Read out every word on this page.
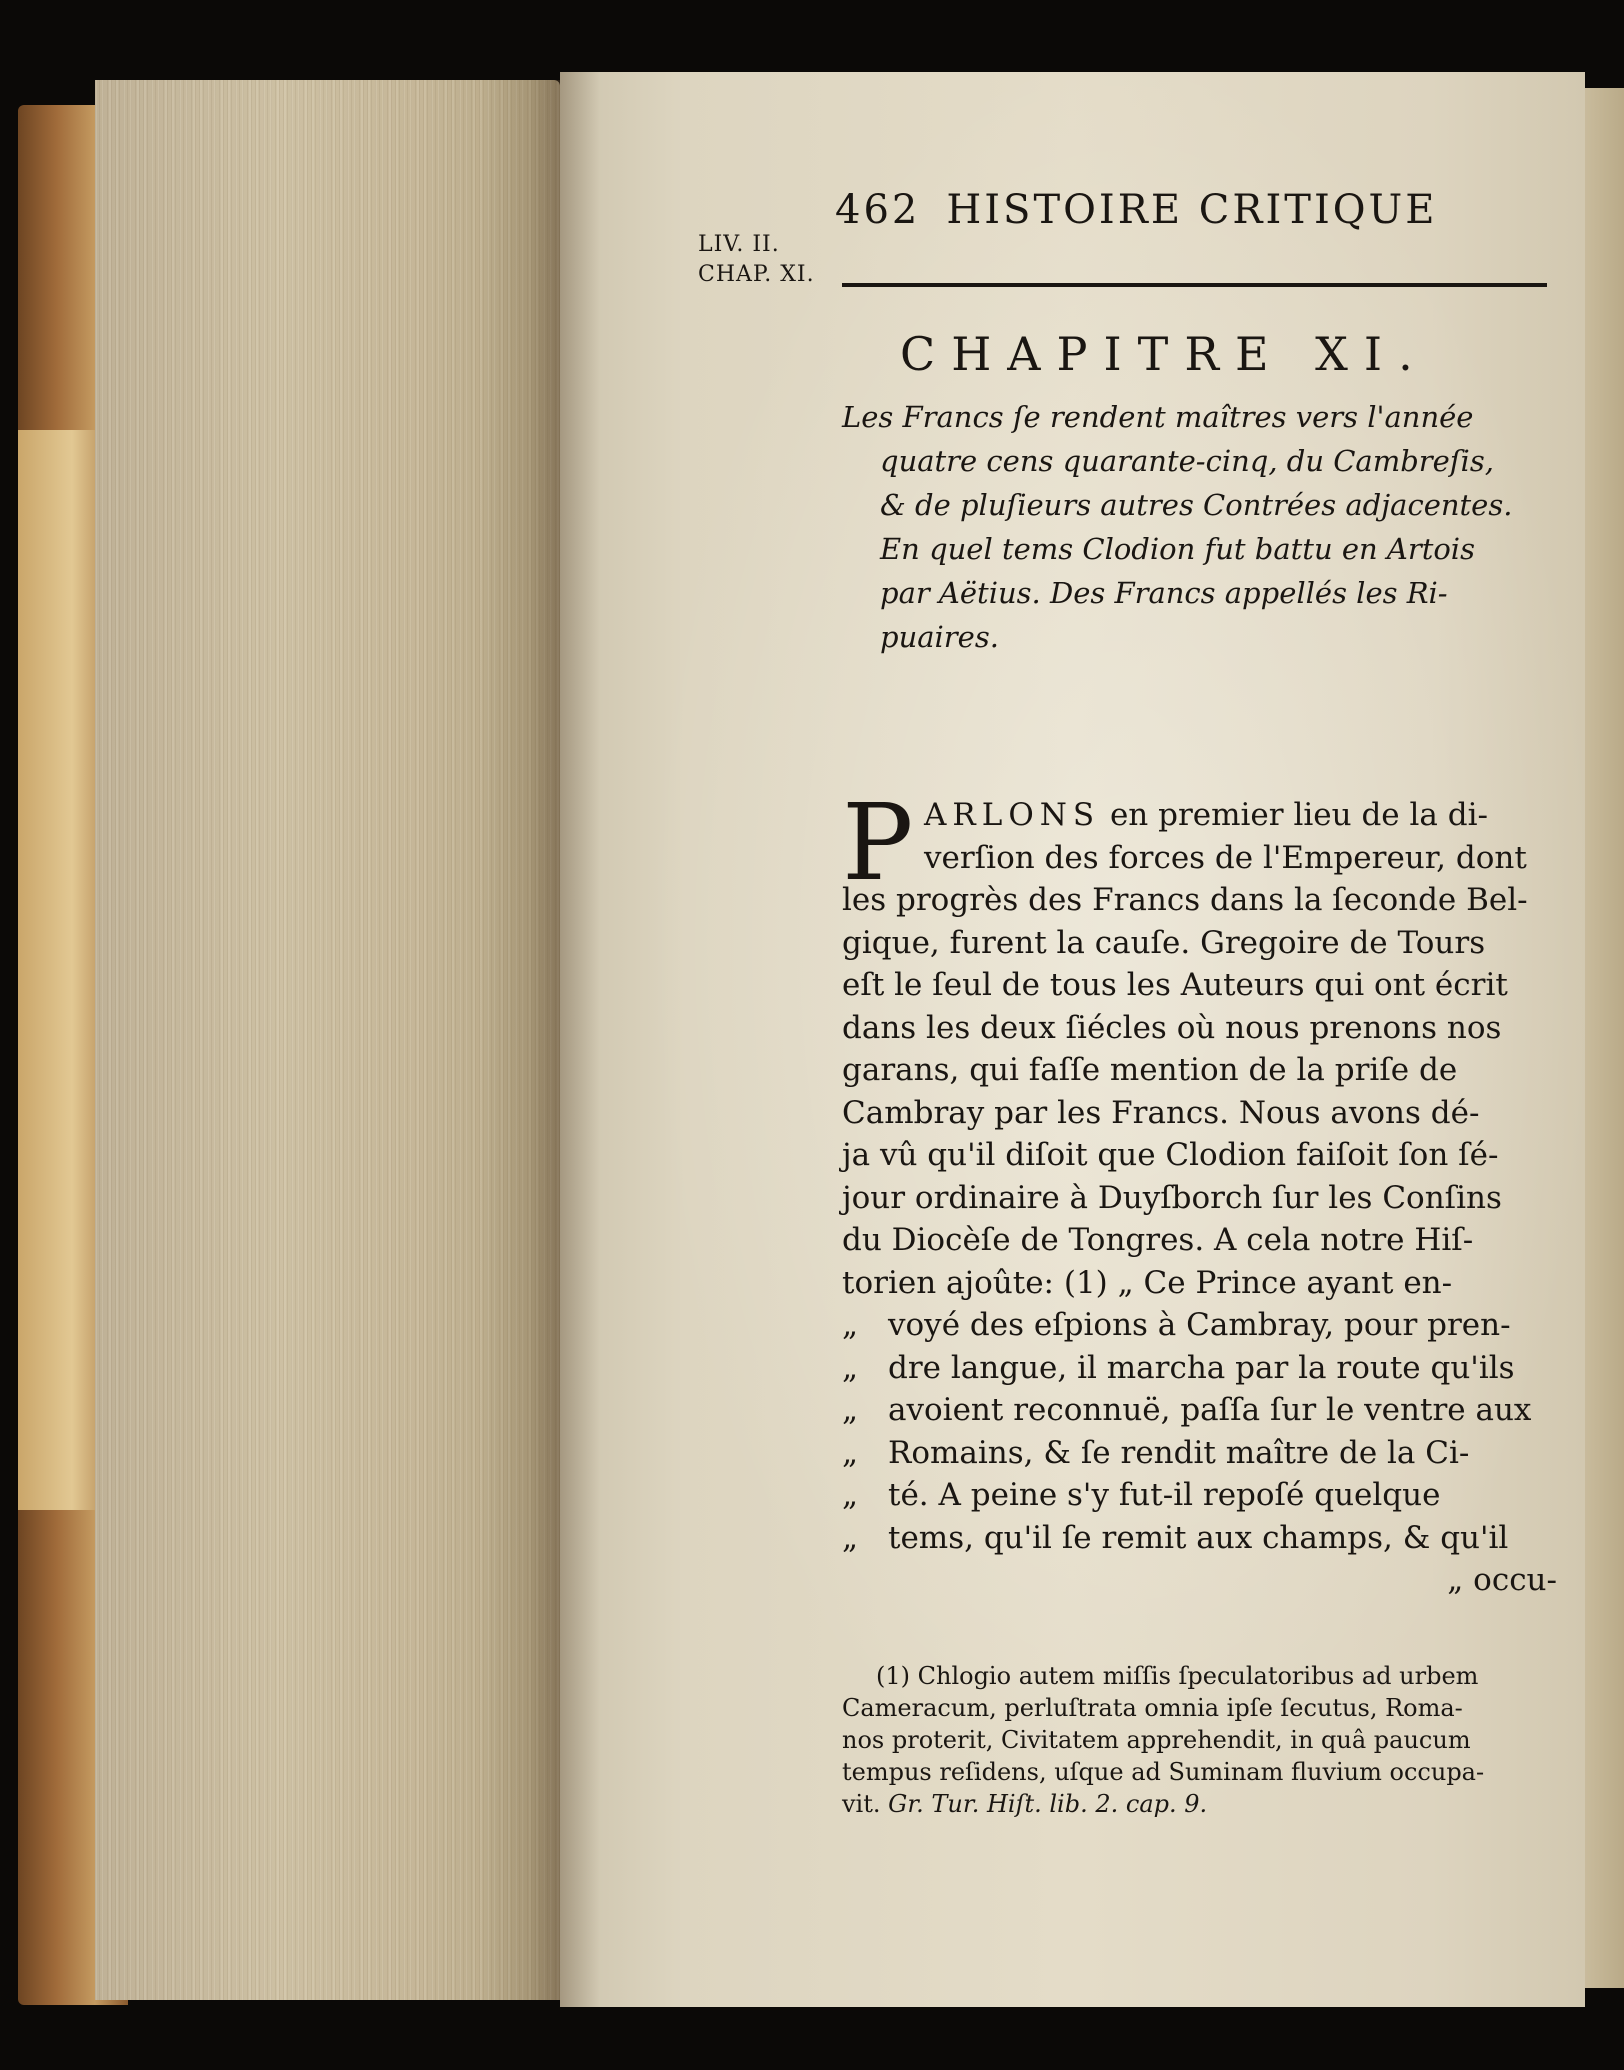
462 HISTOIRE CRITIQUE
LIV. II.
CHAP. XI.
CHAPITRE XI.
Les Francs ſe rendent maîtres vers l'année
quatre cens quarante-cinq, du Cambreſis,
& de pluſieurs autres Contrées adjacentes.
En quel tems Clodion fut battu en Artois
par Aëtius. Des Francs appellés les Ri-
puaires.
P ARLONS en premier lieu de la di-
verſion des forces de l'Empereur, dont
les progrès des Francs dans la ſeconde Bel-
gique, furent la cauſe. Gregoire de Tours
eſt le ſeul de tous les Auteurs qui ont écrit
dans les deux ſiécles où nous prenons nos
garans, qui faſſe mention de la priſe de
Cambray par les Francs. Nous avons dé-
ja vû qu'il diſoit que Clodion faiſoit ſon ſé-
jour ordinaire à Duyſborch ſur les Conſins
du Diocèſe de Tongres. A cela notre Hiſ-
torien ajoûte: (1) „ Ce Prince ayant en-
„ voyé des eſpions à Cambray, pour pren-
„ dre langue, il marcha par la route qu'ils
„ avoient reconnuë, paſſa ſur le ventre aux
„ Romains, & ſe rendit maître de la Ci-
„ té. A peine s'y fut-il repoſé quelque
„ tems, qu'il ſe remit aux champs, & qu'il
„ occu-
(1) Chlogio autem miſſis ſpeculatoribus ad urbem
Cameracum, perluſtrata omnia ipſe ſecutus, Roma-
nos proterit, Civitatem apprehendit, in quâ paucum
tempus reſidens, uſque ad Suminam fluvium occupa-
vit. Gr. Tur. Hiſt. lib. 2. cap. 9.
